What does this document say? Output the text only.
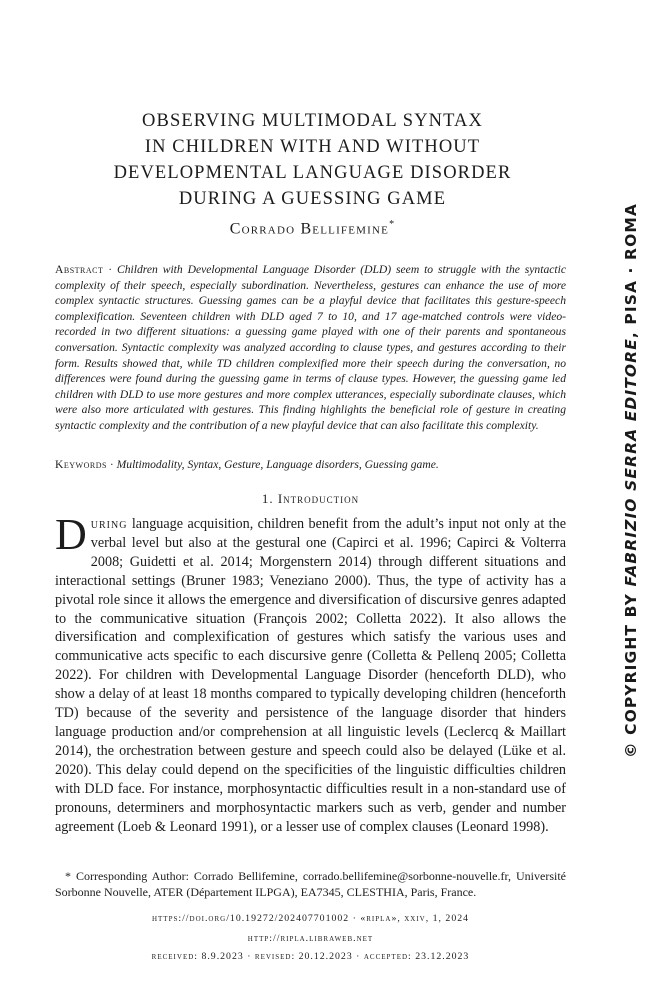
OBSERVING MULTIMODAL SYNTAX
IN CHILDREN WITH AND WITHOUT
DEVELOPMENTAL LANGUAGE DISORDER
DURING A GUESSING GAME
Corrado Bellifemine*

Abstract · Children with Developmental Language Disorder (DLD) seem to struggle with the syntactic complexity of their speech, especially subordination. Nevertheless, gestures can enhance the use of more complex syntactic structures. Guessing games can be a playful device that facilitates this gesture-speech complexification. Seventeen children with DLD aged 7 to 10, and 17 age-matched controls were video-recorded in two different situations: a guessing game played with one of their parents and spontaneous conversation. Syntactic complexity was analyzed according to clause types, and gestures according to their form. Results showed that, while TD children complexified more their speech during the conversation, no differences were found during the guessing game in terms of clause types. However, the guessing game led children with DLD to use more gestures and more complex utterances, especially subordinate clauses, which were also more articulated with gestures. This finding highlights the beneficial role of gesture in creating syntactic complexity and the contribution of a new playful device that can also facilitate this complexity.

Keywords · Multimodality, Syntax, Gesture, Language disorders, Guessing game.

1. Introduction

During language acquisition, children benefit from the adult’s input not only at the verbal level but also at the gestural one (Capirci et al. 1996; Capirci & Volterra 2008; Guidetti et al. 2014; Morgenstern 2014) through different situations and interactional settings (Bruner 1983; Veneziano 2000). Thus, the type of activity has a pivotal role since it allows the emergence and diversification of discursive genres adapted to the communicative situation (François 2002; Colletta 2022). It also allows the diversification and complexification of gestures which satisfy the various uses and communicative acts specific to each discursive genre (Colletta & Pellenq 2005; Colletta 2022). For children with Developmental Language Disorder (henceforth DLD), who show a delay of at least 18 months compared to typically developing children (henceforth TD) because of the severity and persistence of the language disorder that hinders language production and/or comprehension at all linguistic levels (Leclercq & Maillart 2014), the orchestration between gesture and speech could also be delayed (Lüke et al. 2020). This delay could depend on the specificities of the linguistic difficulties children with DLD face. For instance, morphosyntactic difficulties result in a non-standard use of pronouns, determiners and morphosyntactic markers such as verb, gender and number agreement (Loeb & Leonard 1991), or a lesser use of complex clauses (Leonard 1998).

* Corresponding Author: Corrado Bellifemine, corrado.bellifemine@sorbonne-nouvelle.fr, Université Sorbonne Nouvelle, ATER (Département ILPGA), EA7345, CLESTHIA, Paris, France.

https://doi.org/10.19272/202407701002 · «ripla», xxiv, 1, 2024
http://ripla.libraweb.net
received: 8.9.2023 · revised: 20.12.2023 · accepted: 23.12.2023
© COPYRIGHT BY FABRIZIO SERRA EDITORE, PISA · ROMA
